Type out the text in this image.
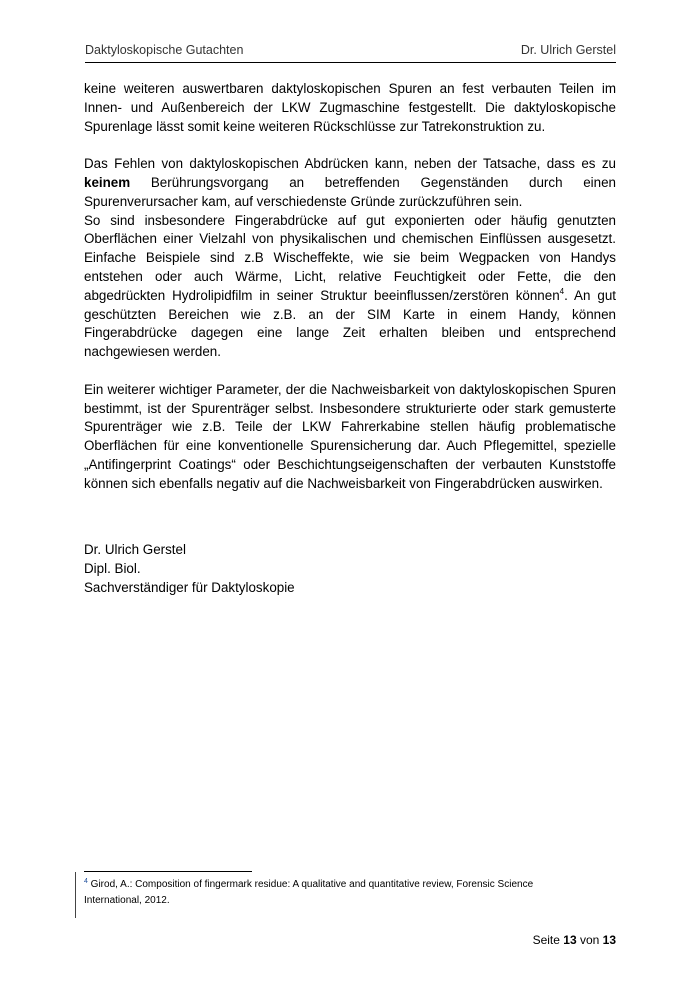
Daktyloskopische Gutachten	Dr. Ulrich Gerstel

keine weiteren auswertbaren daktyloskopischen Spuren an fest verbauten Teilen im Innen- und Außenbereich der LKW Zugmaschine festgestellt. Die daktyloskopische Spurenlage lässt somit keine weiteren Rückschlüsse zur Tatrekonstruktion zu.

Das Fehlen von daktyloskopischen Abdrücken kann, neben der Tatsache, dass es zu keinem Berührungsvorgang an betreffenden Gegenständen durch einen Spurenverursacher kam, auf verschiedenste Gründe zurückzuführen sein.

So sind insbesondere Fingerabdrücke auf gut exponierten oder häufig genutzten Oberflächen einer Vielzahl von physikalischen und chemischen Einflüssen ausgesetzt. Einfache Beispiele sind z.B Wischeffekte, wie sie beim Wegpacken von Handys entstehen oder auch Wärme, Licht, relative Feuchtigkeit oder Fette, die den abgedrückten Hydrolipidfilm in seiner Struktur beeinflussen/zerstören können$^4$. An gut geschützten Bereichen wie z.B. an der SIM Karte in einem Handy, können Fingerabdrücke dagegen eine lange Zeit erhalten bleiben und entsprechend nachgewiesen werden.

Ein weiterer wichtiger Parameter, der die Nachweisbarkeit von daktyloskopischen Spuren bestimmt, ist der Spurenträger selbst. Insbesondere strukturierte oder stark gemusterte Spurenträger wie z.B. Teile der LKW Fahrerkabine stellen häufig problematische Oberflächen für eine konventionelle Spurensicherung dar. Auch Pflegemittel, spezielle „Antifingerprint Coatings“ oder Beschichtungseigenschaften der verbauten Kunststoffe können sich ebenfalls negativ auf die Nachweisbarkeit von Fingerabdrücken auswirken.

Dr. Ulrich Gerstel
Dipl. Biol.
Sachverständiger für Daktyloskopie
$^4$ Girod, A.: Composition of fingermark residue: A qualitative and quantitative review, Forensic Science International, 2012.
Seite 13 von 13
